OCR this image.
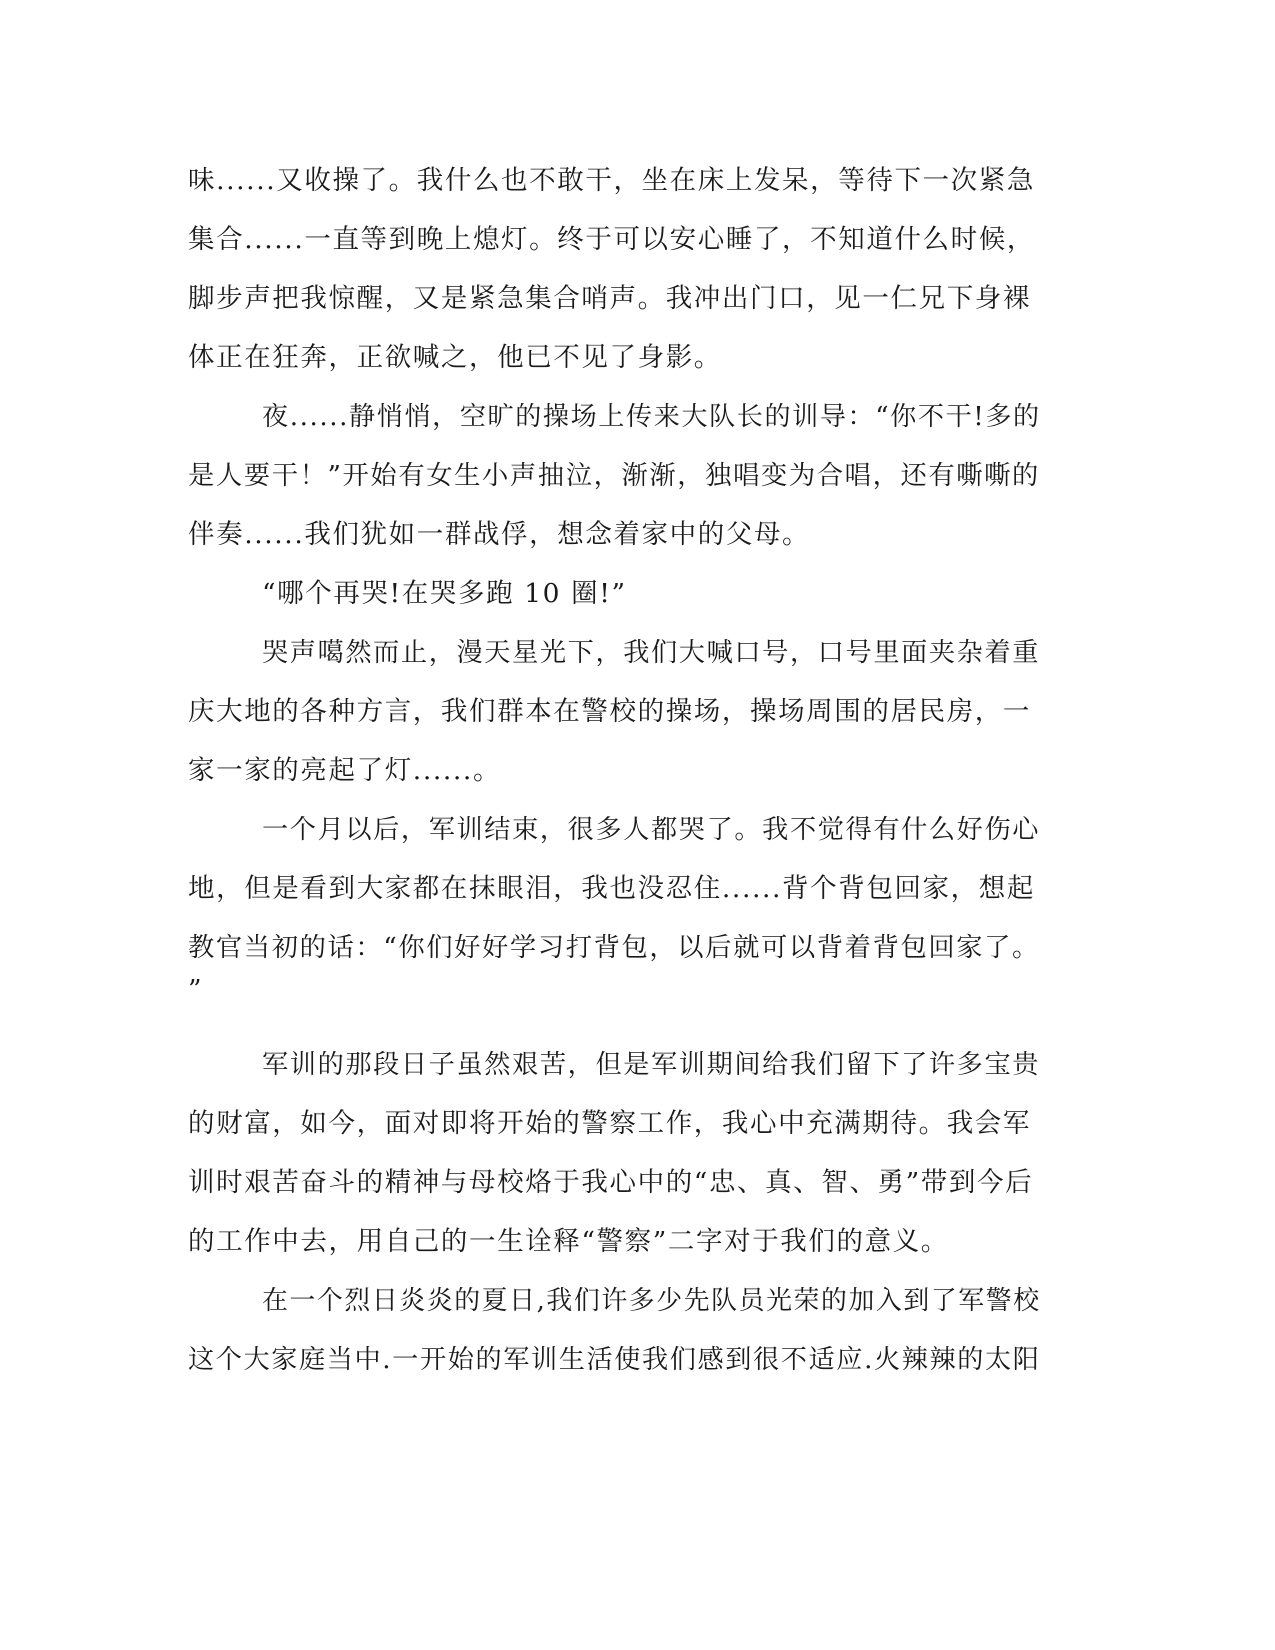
味......又收操了。我什么也不敢干，坐在床上发呆，等待下一次紧急

集合......一直等到晚上熄灯。终于可以安心睡了，不知道什么时候，

脚步声把我惊醒，又是紧急集合哨声。我冲出门口，见一仁兄下身裸

体正在狂奔，正欲喊之，他已不见了身影。

夜......静悄悄，空旷的操场上传来大队长的训导：“你不干!多的

是人要干！”开始有女生小声抽泣，渐渐，独唱变为合唱，还有嘶嘶的

伴奏......我们犹如一群战俘，想念着家中的父母。

“哪个再哭!在哭多跑 10 圈!”

哭声噶然而止，漫天星光下，我们大喊口号，口号里面夹杂着重

庆大地的各种方言，我们群本在警校的操场，操场周围的居民房，一

家一家的亮起了灯......。

一个月以后，军训结束，很多人都哭了。我不觉得有什么好伤心

地，但是看到大家都在抹眼泪，我也没忍住......背个背包回家，想起

教官当初的话：“你们好好学习打背包，以后就可以背着背包回家了。

”

军训的那段日子虽然艰苦，但是军训期间给我们留下了许多宝贵

的财富，如今，面对即将开始的警察工作，我心中充满期待。我会军

训时艰苦奋斗的精神与母校烙于我心中的“忠、真、智、勇”带到今后

的工作中去，用自己的一生诠释“警察”二字对于我们的意义。

在一个烈日炎炎的夏日,我们许多少先队员光荣的加入到了军警校

这个大家庭当中.一开始的军训生活使我们感到很不适应.火辣辣的太阳
